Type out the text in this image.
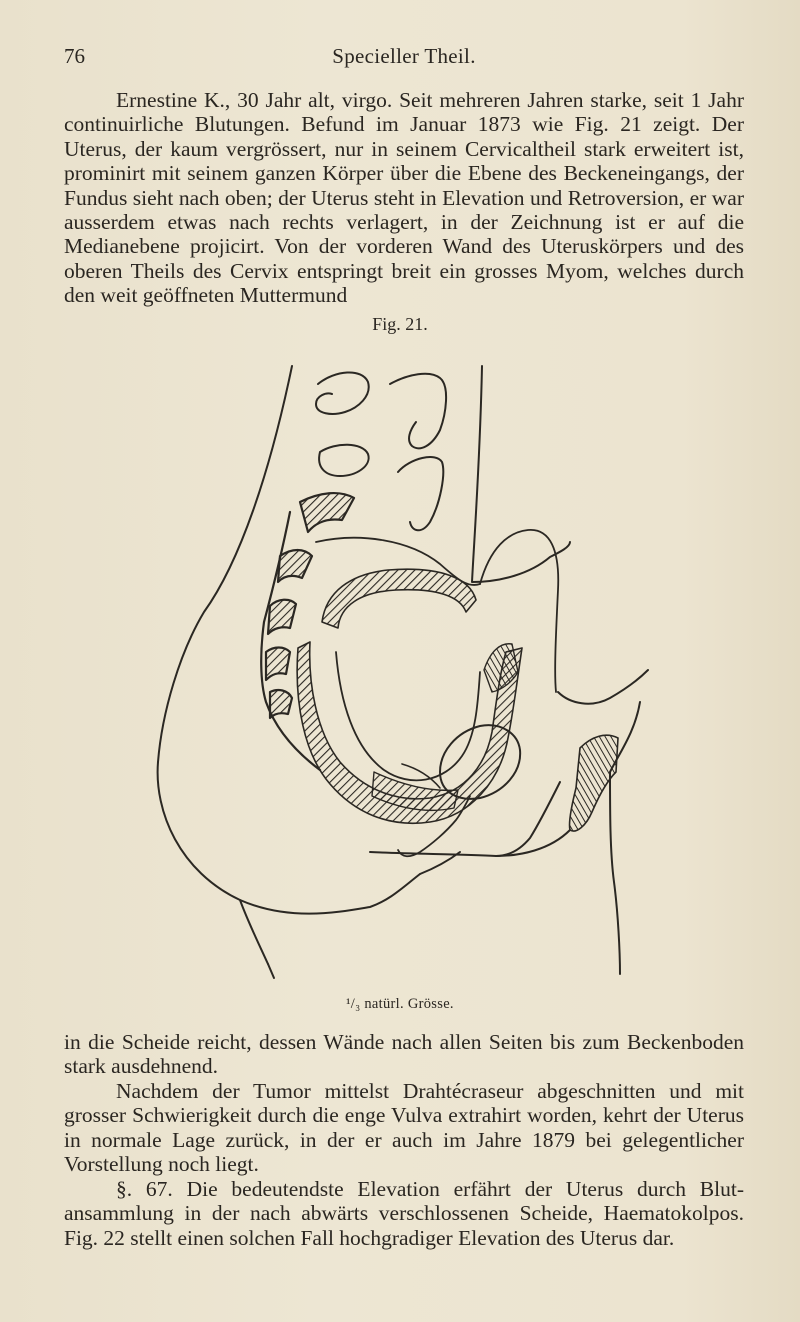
76	Specieller Theil.

Ernestine K., 30 Jahr alt, virgo. Seit mehreren Jahren starke, seit 1 Jahr continuirliche Blutungen. Befund im Januar 1873 wie Fig. 21 zeigt. Der Uterus, der kaum vergrössert, nur in seinem Cervicaltheil stark erweitert ist, prominirt mit seinem ganzen Körper über die Ebene des Beckeneingangs, der Fundus sieht nach oben; der Uterus steht in Elevation und Retroversion, er war ausserdem etwas nach rechts verlagert, in der Zeichnung ist er auf die Medianebene projicirt. Von der vorderen Wand des Uteruskörpers und des oberen Theils des Cervix entspringt breit ein grosses Myom, welches durch den weit geöffneten Muttermund

Fig. 21.
¹/₃ natürl. Grösse.

in die Scheide reicht, dessen Wände nach allen Seiten bis zum Beckenboden stark ausdehnend.

Nachdem der Tumor mittelst Drahtécraseur abgeschnitten und mit grosser Schwierigkeit durch die enge Vulva extrahirt worden, kehrt der Uterus in normale Lage zurück, in der er auch im Jahre 1879 bei gelegentlicher Vorstellung noch liegt.

§. 67. Die bedeutendste Elevation erfährt der Uterus durch Blutansammlung in der nach abwärts verschlossenen Scheide, Haematokolpos. Fig. 22 stellt einen solchen Fall hochgradiger Elevation des Uterus dar.
